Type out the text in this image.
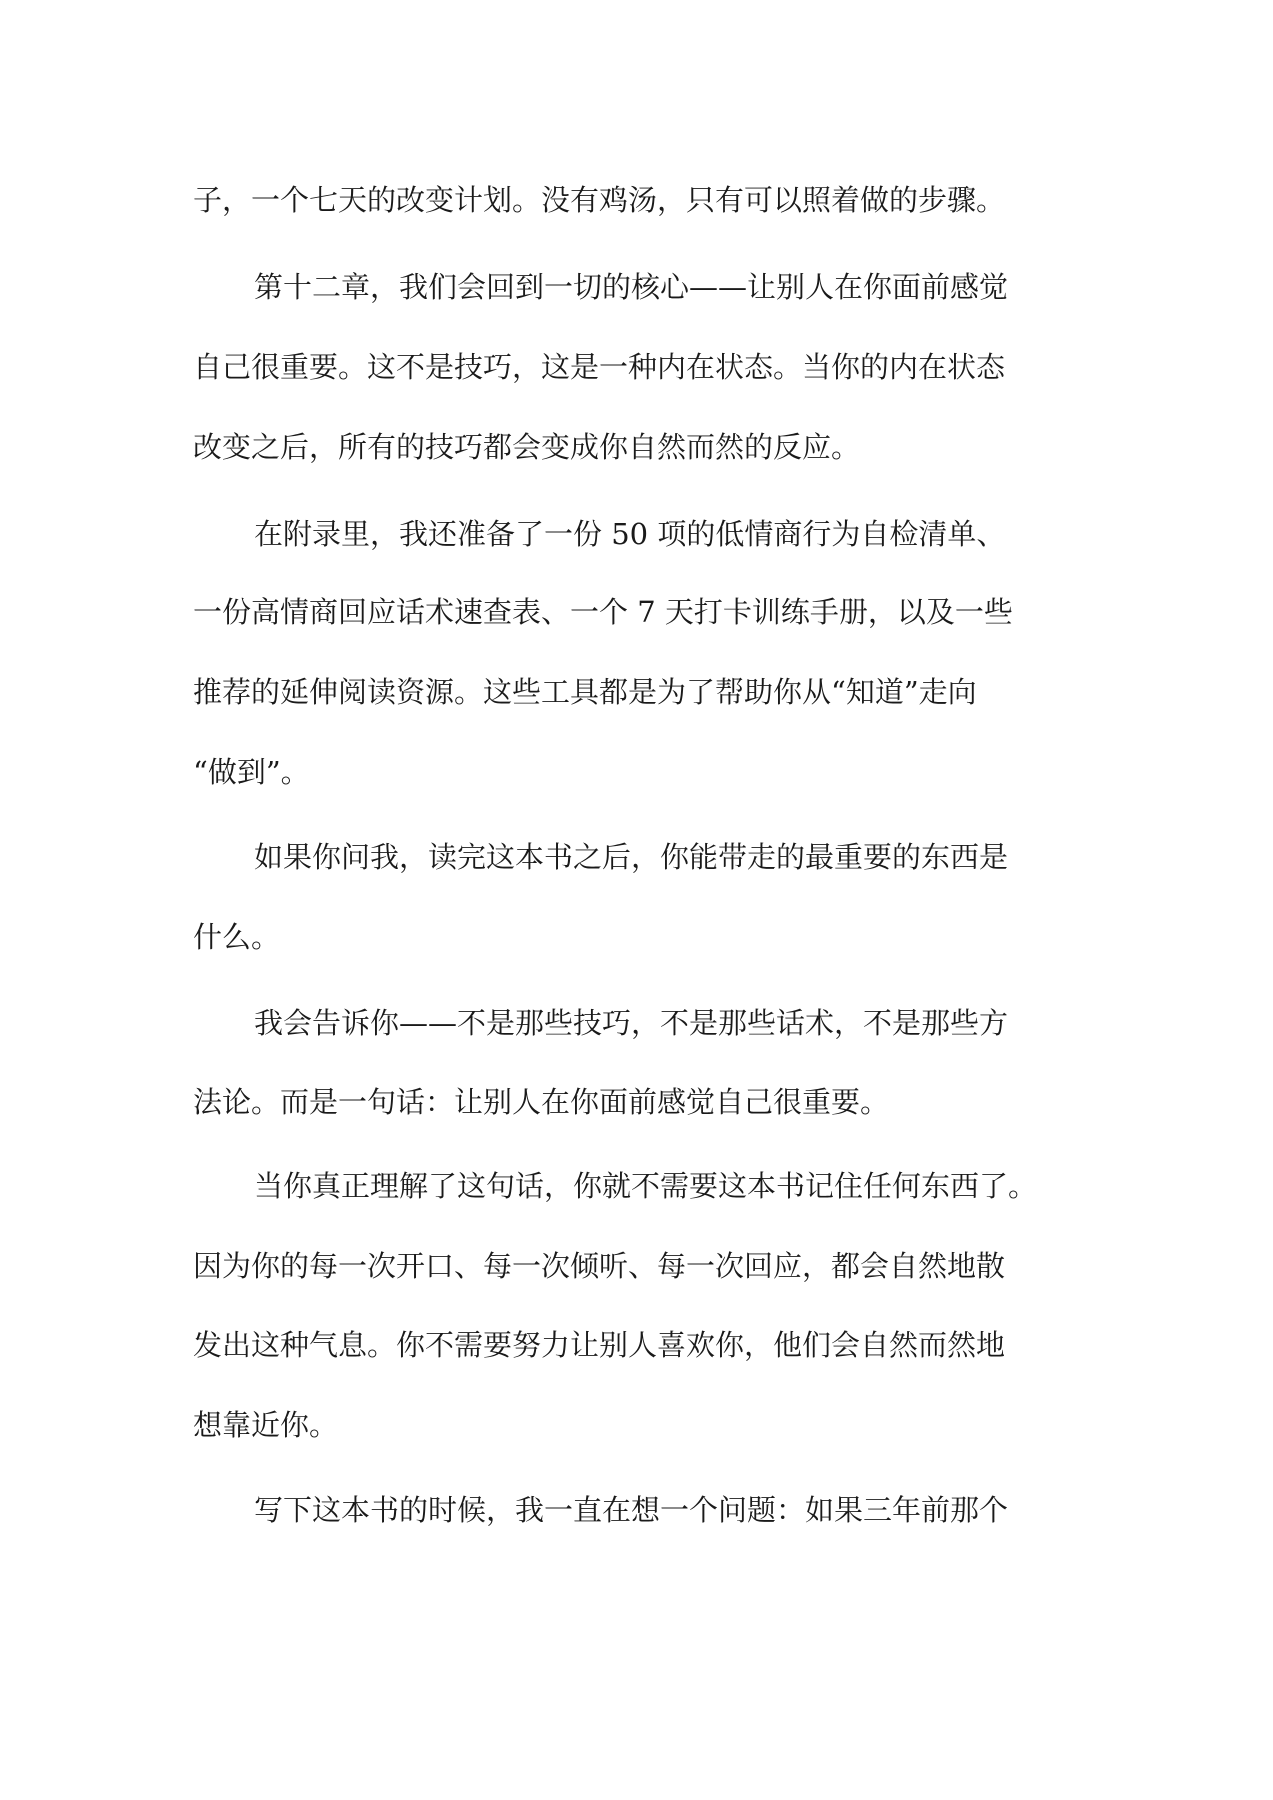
子，一个七天的改变计划。没有鸡汤，只有可以照着做的步骤。

第十二章，我们会回到一切的核心——让别人在你面前感觉

自己很重要。这不是技巧，这是一种内在状态。当你的内在状态

改变之后，所有的技巧都会变成你自然而然的反应。

在附录里，我还准备了一份 50 项的低情商行为自检清单、

一份高情商回应话术速查表、一个 7 天打卡训练手册，以及一些

推荐的延伸阅读资源。这些工具都是为了帮助你从“知道”走向

“做到”。

如果你问我，读完这本书之后，你能带走的最重要的东西是

什么。

我会告诉你——不是那些技巧，不是那些话术，不是那些方

法论。而是一句话：让别人在你面前感觉自己很重要。

当你真正理解了这句话，你就不需要这本书记住任何东西了。

因为你的每一次开口、每一次倾听、每一次回应，都会自然地散

发出这种气息。你不需要努力让别人喜欢你，他们会自然而然地

想靠近你。

写下这本书的时候，我一直在想一个问题：如果三年前那个
